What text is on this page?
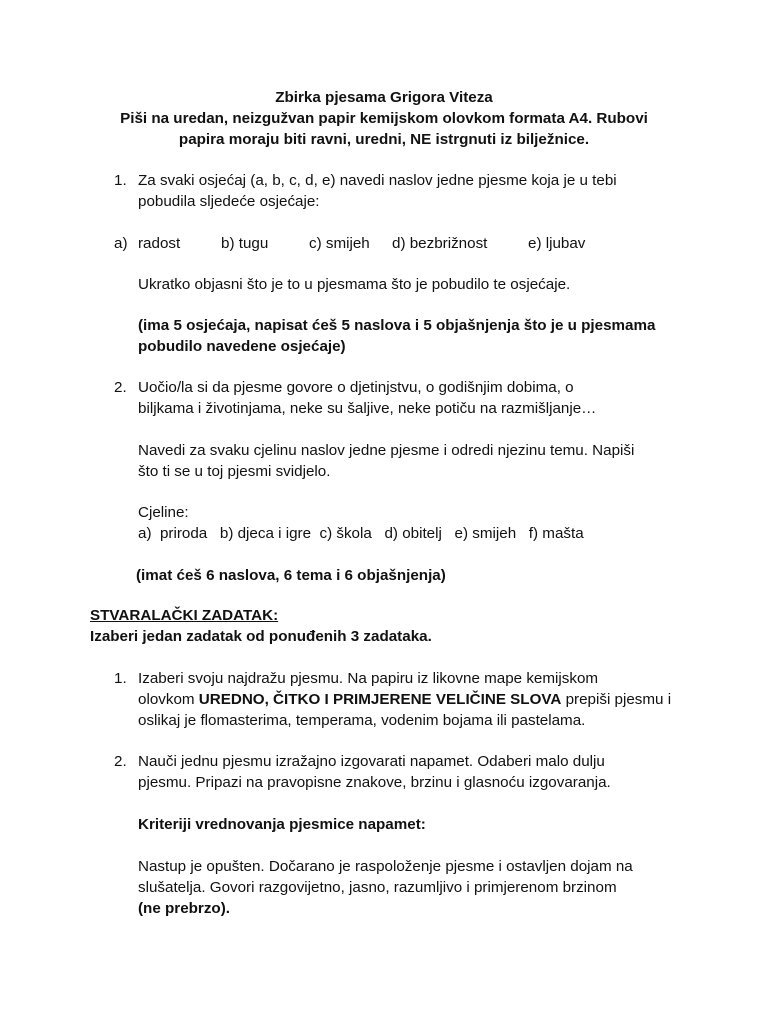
Zbirka pjesama Grigora Viteza
Piši na uredan, neizgužvan papir kemijskom olovkom formata A4. Rubovi
papira moraju biti ravni, uredni, NE istrgnuti iz bilježnice.
1. Za svaki osjećaj (a, b, c, d, e) navedi naslov jedne pjesme koja je u tebi
pobudila sljedeće osjećaje:
a) radost	b) tugu	c) smijeh d) bezbrižnost	e) ljubav
Ukratko objasni što je to u pjesmama što je pobudilo te osjećaje.
(ima 5 osjećaja, napisat ćeš 5 naslova i 5 objašnjenja što je u pjesmama
pobudilo navedene osjećaje)
2. Uočio/la si da pjesme govore o djetinjstvu, o godišnjim dobima, o
biljkama i životinjama, neke su šaljive, neke potiču na razmišljanje…
Navedi za svaku cjelinu naslov jedne pjesme i odredi njezinu temu. Napiši
što ti se u toj pjesmi svidjelo.
Cjeline:
a)  priroda   b) djeca i igre  c) škola   d) obitelj   e) smijeh   f) mašta
(imat ćeš 6 naslova, 6 tema i 6 objašnjenja)
STVARALAČKI ZADATAK:
Izaberi jedan zadatak od ponuđenih 3 zadataka.
1. Izaberi svoju najdražu pjesmu. Na papiru iz likovne mape kemijskom
olovkom UREDNO, ČITKO I PRIMJERENE VELIČINE SLOVA prepiši pjesmu i
oslikaj je flomasterima, temperama, vodenim bojama ili pastelama.
2. Nauči jednu pjesmu izražajno izgovarati napamet. Odaberi malo dulju
pjesmu. Pripazi na pravopisne znakove, brzinu i glasnoću izgovaranja.
Kriteriji vrednovanja pjesmice napamet:
Nastup je opušten. Dočarano je raspoloženje pjesme i ostavljen dojam na
slušatelja. Govori razgovijetno, jasno, razumljivo i primjerenom brzinom
(ne prebrzo).
